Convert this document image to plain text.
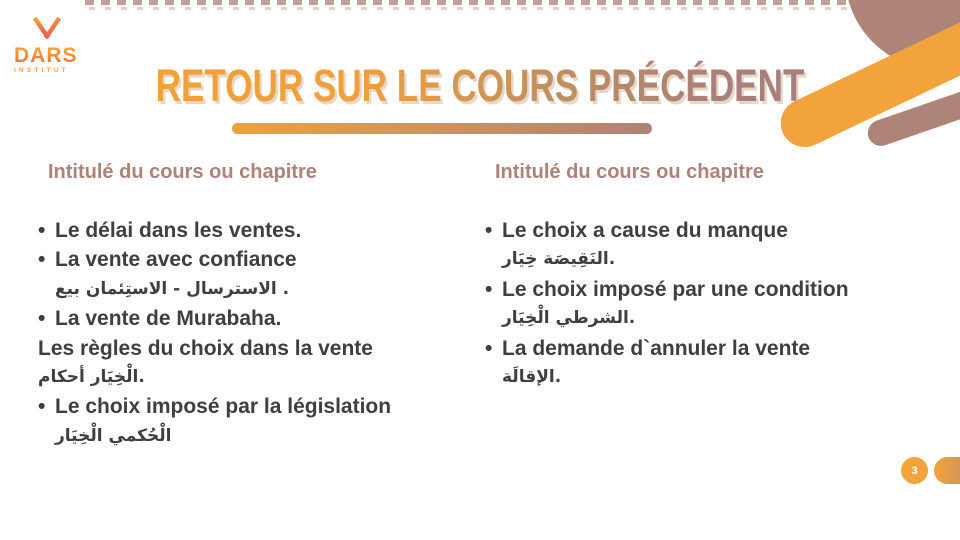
DARS
INSTITUT	RETOUR SUR LE COURS PRÉCÉDENT
Intitulé du cours ou chapitre	Intitulé du cours ou chapitre
• Le délai dans les ventes.
• La vente avec confiance
بيع‎ الاستِئمان‎ -‎ الاسترسال‎ .
• La vente de Murabaha.
Les règles du choix dans la vente
أحكام‎ الْخِيَار‎.
• Le choix imposé par la législation
الْخِيَار‎ الْحُكمي
• Le choix a cause du manque
خِيَار‎ النَقِيصَة‎.
• Le choix imposé par une condition
الْخِيَار‎ الشرطي‎.
• La demande d`annuler la vente
الإقالَة‎.
3
